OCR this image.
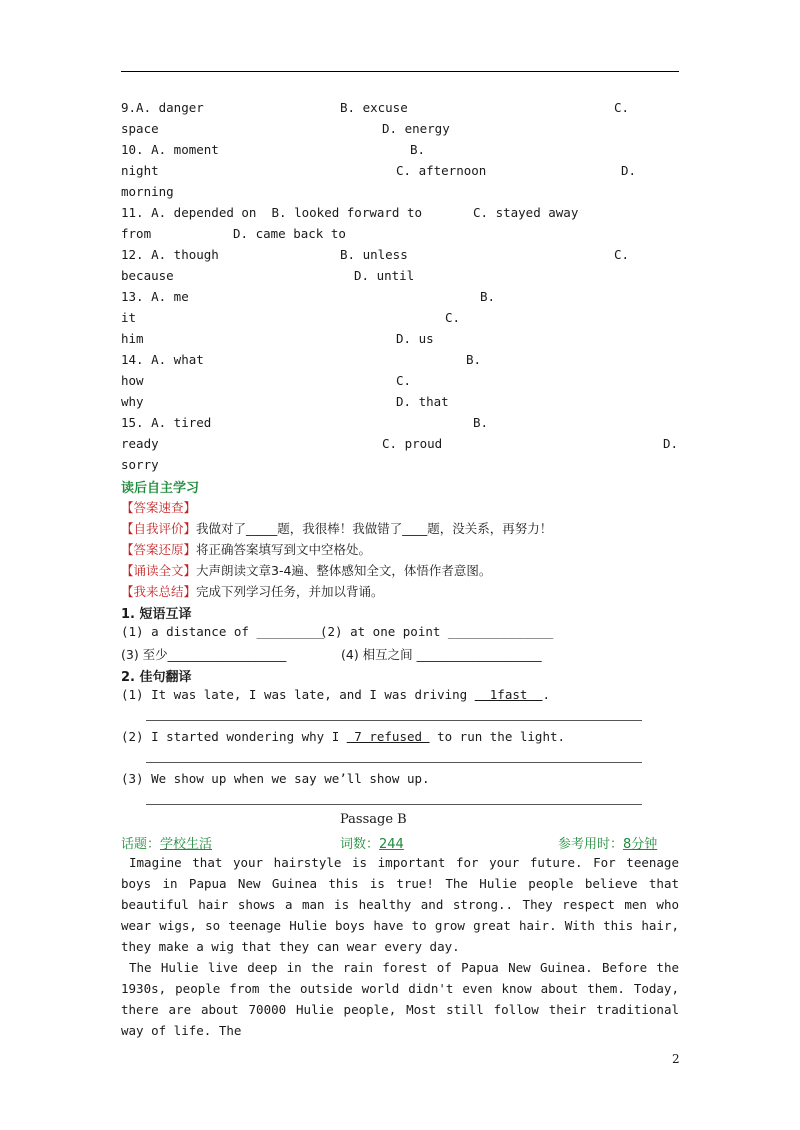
9.A. danger	B. excuse	C.
space	D. energy
10. A. moment	B.
night	C. afternoon	D.
morning
11. A. depended on  B. looked forward to	C. stayed away
from	D. came back to
12. A. though	B. unless	C.
because	D. until
13. A. me	B.
it	C.
him	D. us
14. A. what	B.
how	C.
why	D. that
15. A. tired	B.
ready	C. proud	D.
sorry
读后自主学习
【答案速查】
【自我评价】我做对了_____题，我很棒！我做错了____题，没关系，再努力！
【答案还原】将正确答案填写到文中空格处。
【诵读全文】大声朗读文章3-4遍、整体感知全文，体悟作者意图。
【我来总结】完成下列学习任务，并加以背诵。
1. 短语互译
(1) a distance of _________
(2) at one point ______________
(3) 至少___________________	(4) 相互之间 ____________________
2. 佳句翻译
(1) It was late, I was late, and I was driving   1fast  .
(2) I started wondering why I  7 refused  to run the light.
(3) We show up when we say we’ll show up.
Passage B
话题：学校生活	词数：244	参考用时：8分钟

Imagine that your hairstyle is important for your future. For teenage boys in Papua New Guinea this is true! The Hulie people believe that beautiful hair shows a man is healthy and strong.. They respect men who wear wigs, so teenage Hulie boys have to grow great hair. With this hair, they make a wig that they can wear every day.

The Hulie live deep in the rain forest of Papua New Guinea. Before the 1930s, people from the outside world didn't even know about them. Today, there are about 70000 Hulie people, Most still follow their traditional way of life. The

2
